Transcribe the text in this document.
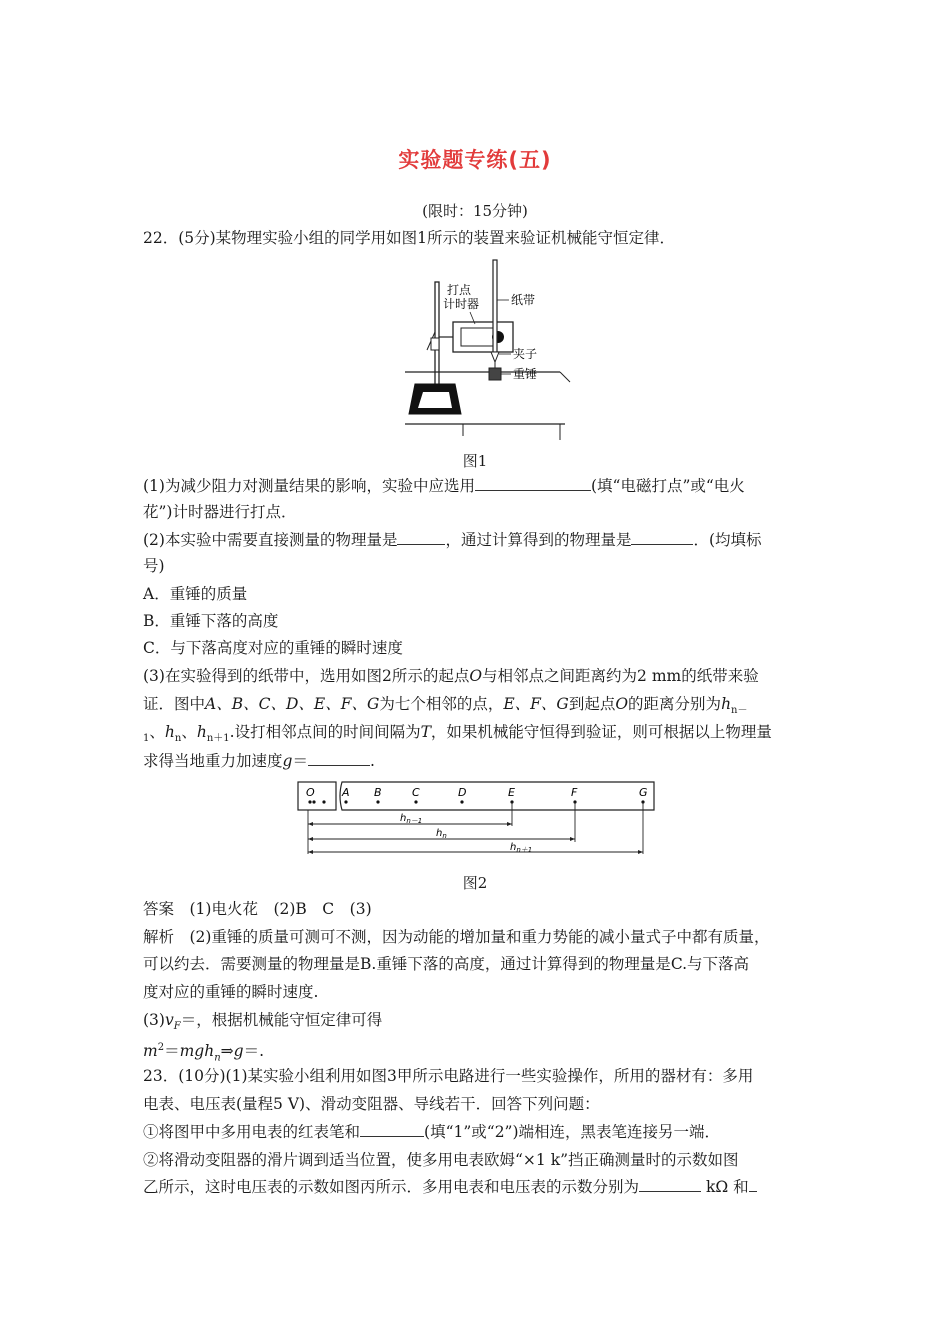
实验题专练(五)
(限时：15分钟)
22．(5分)某物理实验小组的同学用如图1所示的装置来验证机械能守恒定律．
打点
计时器	纸带
夹子
重锤
图1
(1)为减少阻力对测量结果的影响，实验中应选用	(填“电磁打点”或“电火
花”)计时器进行打点．
(2)本实验中需要直接测量的物理量是	，通过计算得到的物理量是	．(均填标
号)
A．重锤的质量
B．重锤下落的高度
C．与下落高度对应的重锤的瞬时速度
(3)在实验得到的纸带中，选用如图2所示的起点O与相邻点之间距离约为2 mm的纸带来验
证．图中A、B、C、D、E、F、G为七个相邻的点，E、F、G到起点O的距离分别为$h_{n-}$
$_1$、$h_n$、$h_{n+1}$.设打相邻点间的时间间隔为T，如果机械能守恒得到验证，则可根据以上物理量
求得当地重力加速度g＝	.
O A B	C	D	E	F	G
$h_{n-1}$
$h_n$
$h_{n+1}$
图2
答案　(1)电火花　(2)B　C　(3)
解析　(2)重锤的质量可测可不测，因为动能的增加量和重力势能的减小量式子中都有质量，
可以约去．需要测量的物理量是B.重锤下落的高度，通过计算得到的物理量是C.与下落高
度对应的重锤的瞬时速度.
$(3)v_F=$，根据机械能守恒定律可得
$m^2=mgh_n\Rightarrow g=$.
23．(10分)(1)某实验小组利用如图3甲所示电路进行一些实验操作，所用的器材有：多用
电表、电压表(量程5 V)、滑动变阻器、导线若干．回答下列问题：
①将图甲中多用电表的红表笔和	(填“1”或“2”)端相连，黑表笔连接另一端．
②将滑动变阻器的滑片调到适当位置，使多用电表欧姆“×1 k”挡正确测量时的示数如图
乙所示，这时电压表的示数如图丙所示．多用电表和电压表的示数分别为	kΩ 和
